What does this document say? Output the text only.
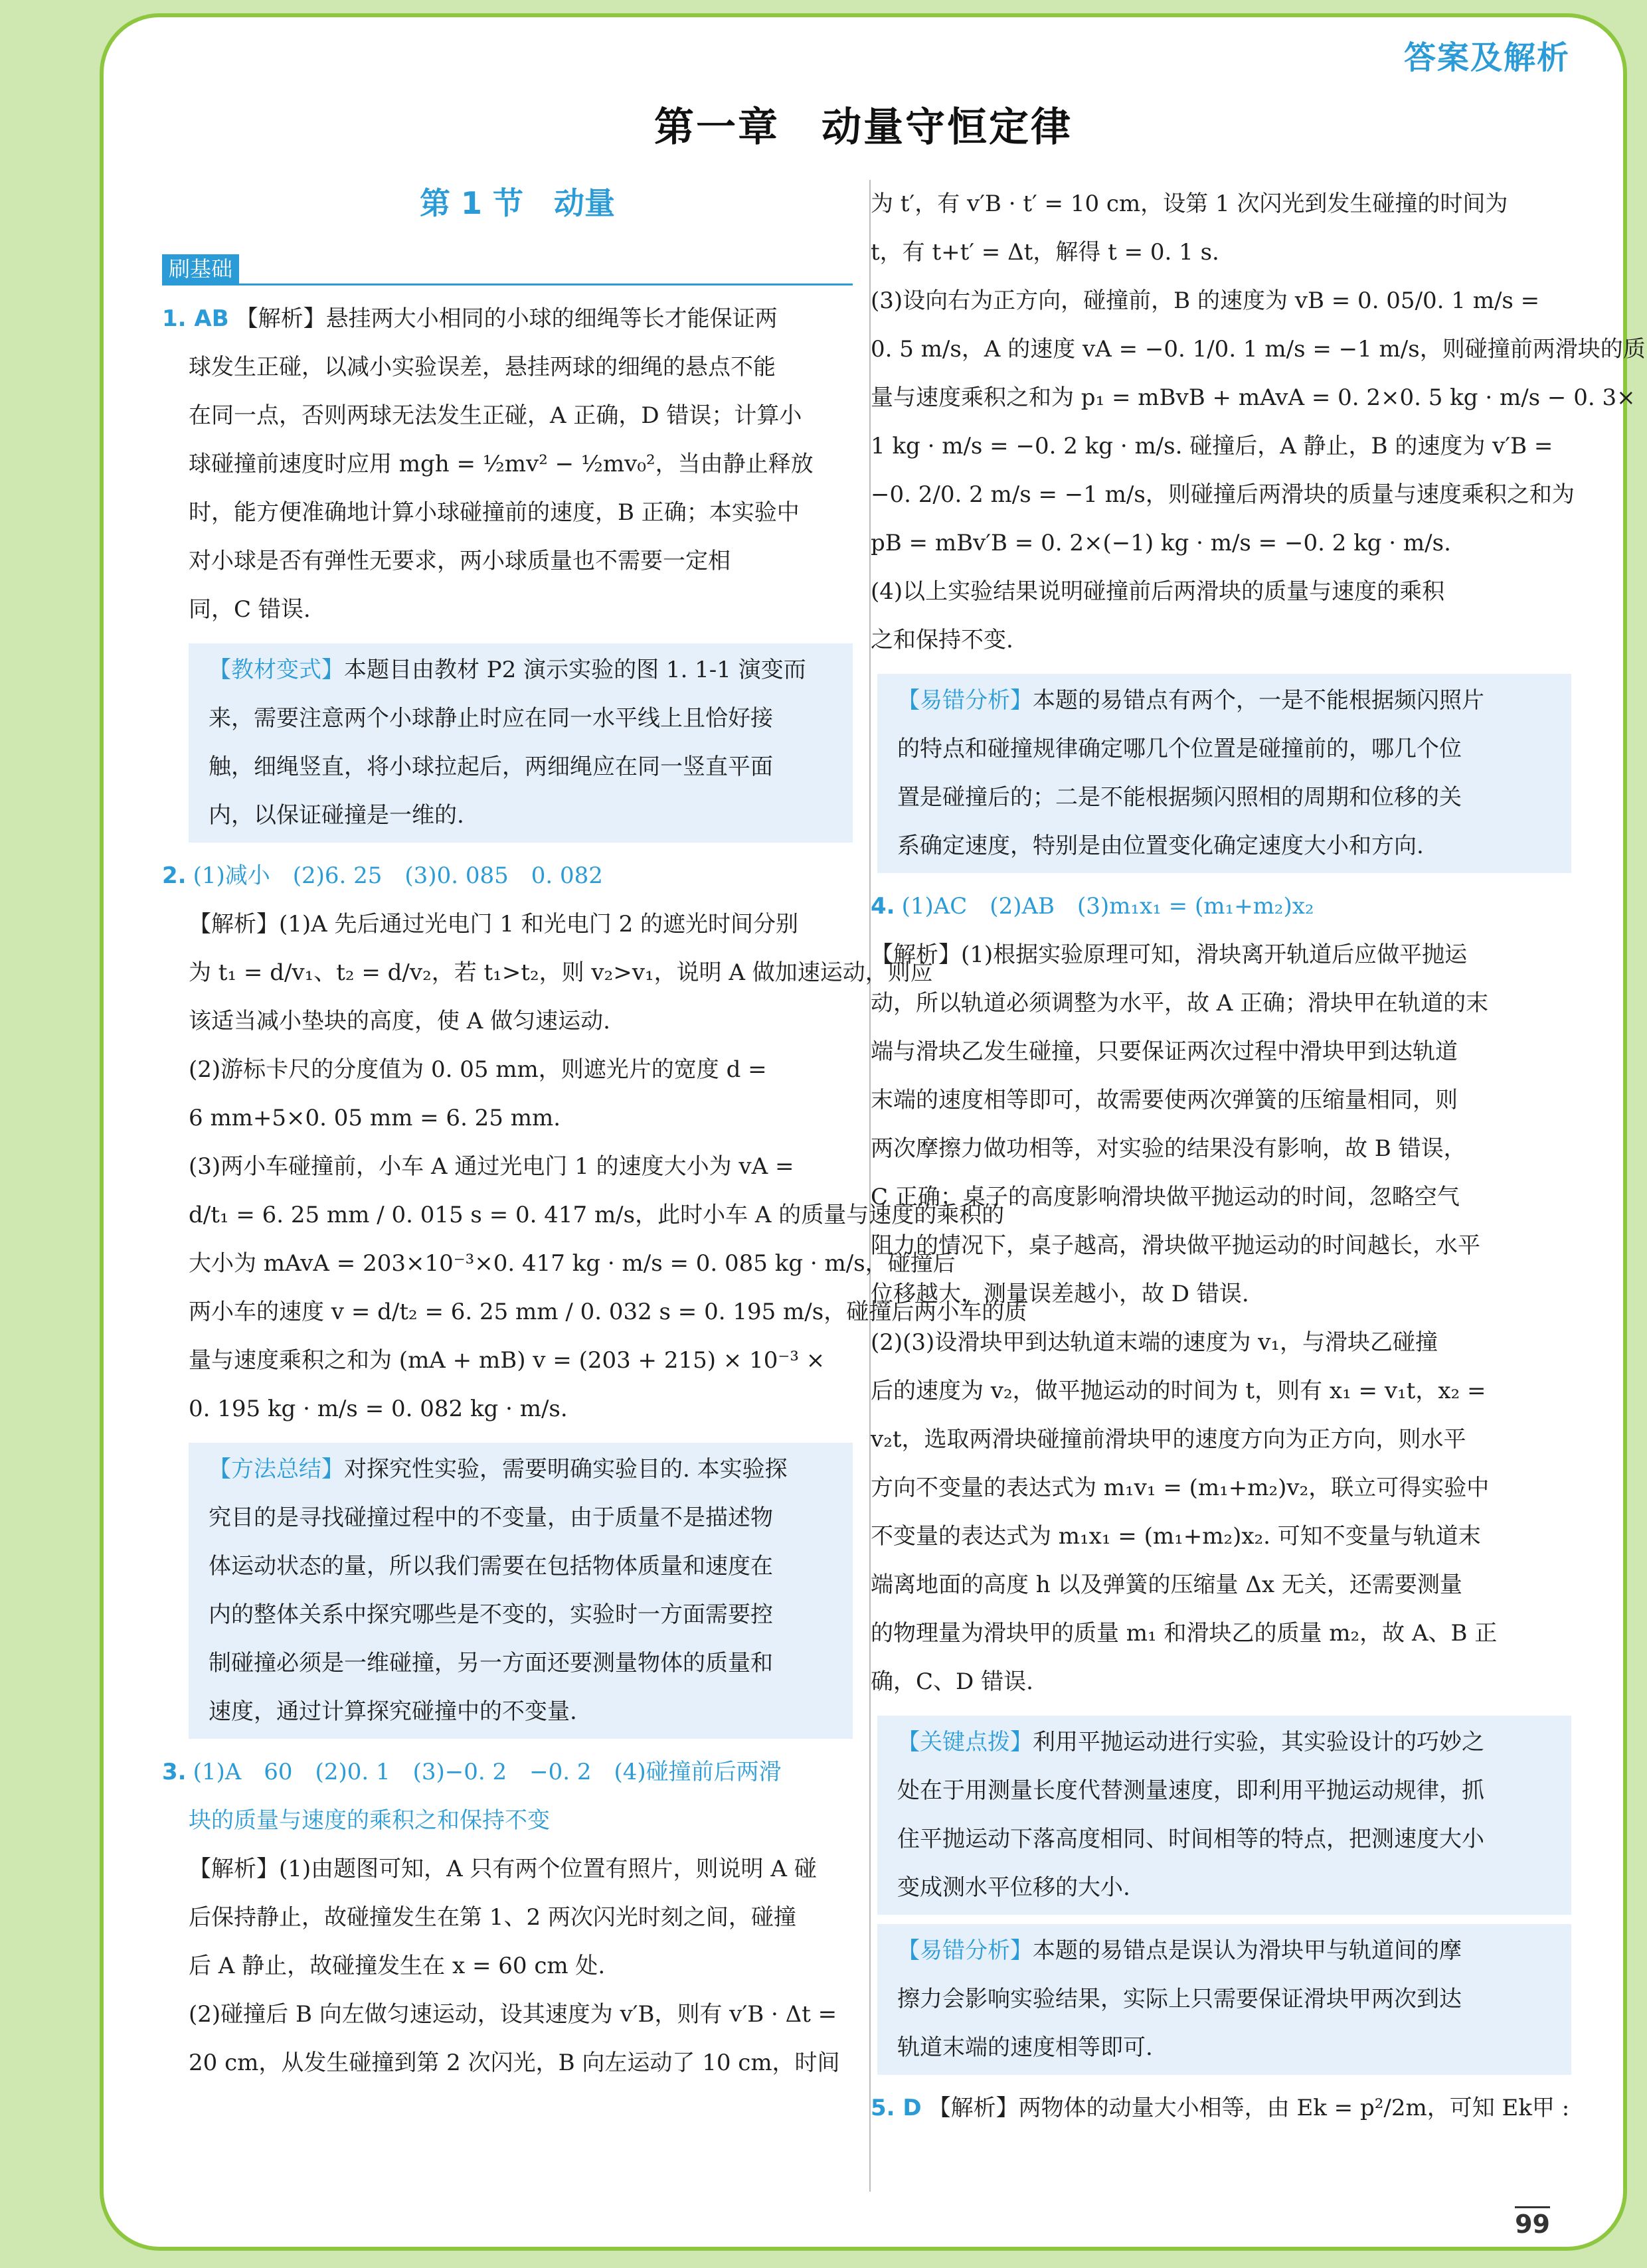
答案及解析
第一章　动量守恒定律
第 1 节　动量
刷基础

1. AB 【解析】悬挂两大小相同的小球的细绳等长才能保证两

球发生正碰，以减小实验误差，悬挂两球的细绳的悬点不能

在同一点，否则两球无法发生正碰，A 正确，D 错误；计算小

球碰撞前速度时应用 mgh = ½mv² − ½mv₀²，当由静止释放

时，能方便准确地计算小球碰撞前的速度，B 正确；本实验中

对小球是否有弹性无要求，两小球质量也不需要一定相

同，C 错误.

【教材变式】本题目由教材 P2 演示实验的图 1. 1-1 演变而

来，需要注意两个小球静止时应在同一水平线上且恰好接

触，细绳竖直，将小球拉起后，两细绳应在同一竖直平面

内，以保证碰撞是一维的.

2. (1)减小　(2)6. 25　(3)0. 085　0. 082

【解析】(1)A 先后通过光电门 1 和光电门 2 的遮光时间分别

为 t₁ = d/v₁、t₂ = d/v₂，若 t₁>t₂，则 v₂>v₁，说明 A 做加速运动，则应

该适当减小垫块的高度，使 A 做匀速运动.

(2)游标卡尺的分度值为 0. 05 mm，则遮光片的宽度 d =

6 mm+5×0. 05 mm = 6. 25 mm.

(3)两小车碰撞前，小车 A 通过光电门 1 的速度大小为 vA =

d/t₁ = 6. 25 mm / 0. 015 s = 0. 417 m/s，此时小车 A 的质量与速度的乘积的

大小为 mAvA = 203×10⁻³×0. 417 kg · m/s = 0. 085 kg · m/s，碰撞后

两小车的速度 v = d/t₂ = 6. 25 mm / 0. 032 s = 0. 195 m/s，碰撞后两小车的质

量与速度乘积之和为 (mA + mB) v = (203 + 215) × 10⁻³ ×

0. 195 kg · m/s = 0. 082 kg · m/s.

【方法总结】对探究性实验，需要明确实验目的. 本实验探

究目的是寻找碰撞过程中的不变量，由于质量不是描述物

体运动状态的量，所以我们需要在包括物体质量和速度在

内的整体关系中探究哪些是不变的，实验时一方面需要控

制碰撞必须是一维碰撞，另一方面还要测量物体的质量和

速度，通过计算探究碰撞中的不变量.

3. (1)A　60　(2)0. 1　(3)−0. 2　−0. 2　(4)碰撞前后两滑

块的质量与速度的乘积之和保持不变

【解析】(1)由题图可知，A 只有两个位置有照片，则说明 A 碰

后保持静止，故碰撞发生在第 1、2 两次闪光时刻之间，碰撞

后 A 静止，故碰撞发生在 x = 60 cm 处.

(2)碰撞后 B 向左做匀速运动，设其速度为 v′B，则有 v′B · Δt =

20 cm，从发生碰撞到第 2 次闪光，B 向左运动了 10 cm，时间

为 t′，有 v′B · t′ = 10 cm，设第 1 次闪光到发生碰撞的时间为

t，有 t+t′ = Δt，解得 t = 0. 1 s.

(3)设向右为正方向，碰撞前，B 的速度为 vB = 0. 05/0. 1 m/s =

0. 5 m/s，A 的速度 vA = −0. 1/0. 1 m/s = −1 m/s，则碰撞前两滑块的质

量与速度乘积之和为 p₁ = mBvB + mAvA = 0. 2×0. 5 kg · m/s − 0. 3×

1 kg · m/s = −0. 2 kg · m/s. 碰撞后，A 静止，B 的速度为 v′B =

−0. 2/0. 2 m/s = −1 m/s，则碰撞后两滑块的质量与速度乘积之和为

pB = mBv′B = 0. 2×(−1) kg · m/s = −0. 2 kg · m/s.

(4)以上实验结果说明碰撞前后两滑块的质量与速度的乘积

之和保持不变.

【易错分析】本题的易错点有两个，一是不能根据频闪照片

的特点和碰撞规律确定哪几个位置是碰撞前的，哪几个位

置是碰撞后的；二是不能根据频闪照相的周期和位移的关

系确定速度，特别是由位置变化确定速度大小和方向.

4. (1)AC　(2)AB　(3)m₁x₁ = (m₁+m₂)x₂

【解析】(1)根据实验原理可知，滑块离开轨道后应做平抛运

动，所以轨道必须调整为水平，故 A 正确；滑块甲在轨道的末

端与滑块乙发生碰撞，只要保证两次过程中滑块甲到达轨道

末端的速度相等即可，故需要使两次弹簧的压缩量相同，则

两次摩擦力做功相等，对实验的结果没有影响，故 B 错误，

C 正确；桌子的高度影响滑块做平抛运动的时间，忽略空气

阻力的情况下，桌子越高，滑块做平抛运动的时间越长，水平

位移越大，测量误差越小，故 D 错误.

(2)(3)设滑块甲到达轨道末端的速度为 v₁，与滑块乙碰撞

后的速度为 v₂，做平抛运动的时间为 t，则有 x₁ = v₁t，x₂ =

v₂t，选取两滑块碰撞前滑块甲的速度方向为正方向，则水平

方向不变量的表达式为 m₁v₁ = (m₁+m₂)v₂，联立可得实验中

不变量的表达式为 m₁x₁ = (m₁+m₂)x₂. 可知不变量与轨道末

端离地面的高度 h 以及弹簧的压缩量 Δx 无关，还需要测量

的物理量为滑块甲的质量 m₁ 和滑块乙的质量 m₂，故 A、B 正

确，C、D 错误.

【关键点拨】利用平抛运动进行实验，其实验设计的巧妙之

处在于用测量长度代替测量速度，即利用平抛运动规律，抓

住平抛运动下落高度相同、时间相等的特点，把测速度大小

变成测水平位移的大小.

【易错分析】本题的易错点是误认为滑块甲与轨道间的摩

擦力会影响实验结果，实际上只需要保证滑块甲两次到达

轨道末端的速度相等即可.

5. D 【解析】两物体的动量大小相等，由 Ek = p²/2m，可知 Ek甲 :

99
